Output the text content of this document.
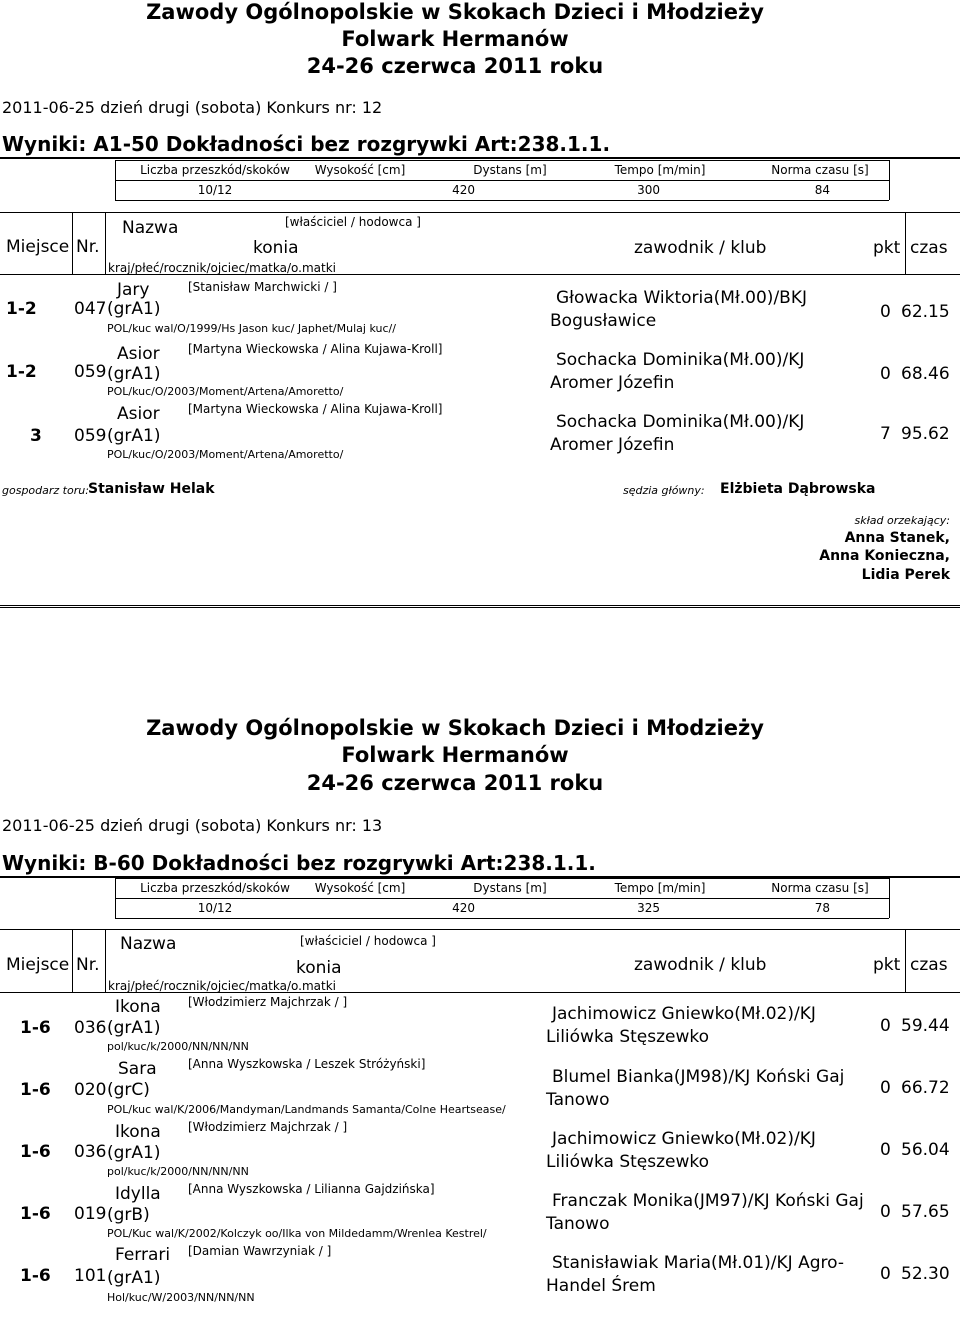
Zawody Ogólnopolskie w Skokach Dzieci i Młodzieży
Folwark Hermanów
24-26 czerwca 2011 roku
2011-06-25 dzień drugi (sobota) Konkurs nr: 12
Wyniki: A1-50 Dokładności bez rozgrywki Art:238.1.1.
Liczba przeszkód/skoków	Wysokość [cm]	Dystans [m]	Tempo [m/min]	Norma czasu [s]
10/12	420	300	84
Miejsce Nr.
Nazwa	[właściciel / hodowca ]
konia
kraj/płeć/rocznik/ojciec/matka/o.matki
zawodnik / klub	pkt czas
1-2 047
Jary	[Stanisław Marchwicki / ]
(grA1)
POL/kuc wal/O/1999/Hs Jason kuc/ Japhet/Mulaj kuc//
Głowacka Wiktoria(Mł.00)/BKJ
Bogusławice	0 62.15
1-2 059
Asior [Martyna Wieckowska / Alina Kujawa-Kroll]
(grA1)
POL/kuc/O/2003/Moment/Artena/Amoretto/
Sochacka Dominika(Mł.00)/KJ
Aromer Józefin	0 68.46
3 059
Asior [Martyna Wieckowska / Alina Kujawa-Kroll]
(grA1)
POL/kuc/O/2003/Moment/Artena/Amoretto/
Sochacka Dominika(Mł.00)/KJ
Aromer Józefin
7 95.62
gospodarz toru: Stanisław Helak	sędzia główny: Elżbieta Dąbrowska
skład orzekający:
Anna Stanek,
Anna Konieczna,
Lidia Perek
Zawody Ogólnopolskie w Skokach Dzieci i Młodzieży
Folwark Hermanów
24-26 czerwca 2011 roku
2011-06-25 dzień drugi (sobota) Konkurs nr: 13
Wyniki: B-60 Dokładności bez rozgrywki Art:238.1.1.
Liczba przeszkód/skoków	Wysokość [cm]	Dystans [m]	Tempo [m/min]	Norma czasu [s]
10/12	420	325	78
Miejsce Nr.
Nazwa	[właściciel / hodowca ]
konia
kraj/płeć/rocznik/ojciec/matka/o.matki
zawodnik / klub	pkt czas
1-6 036
Ikona [Włodzimierz Majchrzak / ]
(grA1)
pol/kuc/k/2000/NN/NN/NN
Jachimowicz Gniewko(Mł.02)/KJ
Liliówka Stęszewko
0 59.44
1-6 020
Sara	[Anna Wyszkowska / Leszek Stróżyński]
(grC)
POL/kuc wal/K/2006/Mandyman/Landmands Samanta/Colne Heartsease/
Blumel Bianka(JM98)/KJ Koński Gaj
Tanowo
0 66.72
1-6 036
Ikona [Włodzimierz Majchrzak / ]
(grA1)
pol/kuc/k/2000/NN/NN/NN
Jachimowicz Gniewko(Mł.02)/KJ
Liliówka Stęszewko
0 56.04
1-6 019
Idylla [Anna Wyszkowska / Lilianna Gajdzińska]
(grB)
POL/Kuc wal/K/2002/Kolczyk oo/Ilka von Mildedamm/Wrenlea Kestrel/
Franczak Monika(JM97)/KJ Koński Gaj
Tanowo
0 57.65
1-6 101
Ferrari [Damian Wawrzyniak / ]
(grA1)
Hol/kuc/W/2003/NN/NN/NN
Stanisławiak Maria(Mł.01)/KJ Agro-
Handel Śrem
0 52.30
